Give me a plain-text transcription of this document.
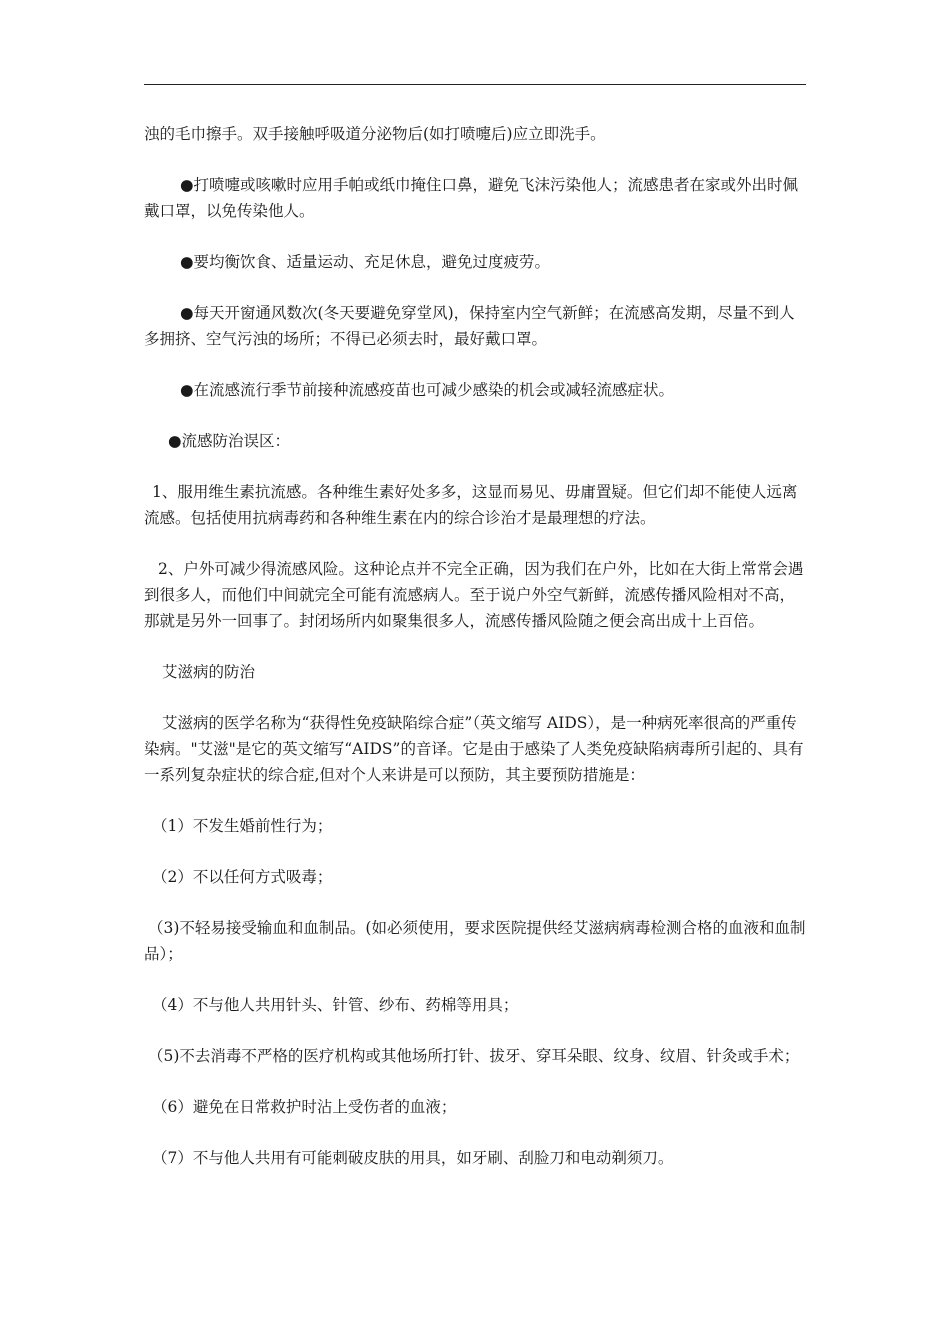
浊的毛巾擦手。双手接触呼吸道分泌物后(如打喷嚏后)应立即洗手。

●打喷嚏或咳嗽时应用手帕或纸巾掩住口鼻，避免飞沫污染他人；流感患者在家或外出时佩戴口罩，以免传染他人。

●要均衡饮食、适量运动、充足休息，避免过度疲劳。

●每天开窗通风数次(冬天要避免穿堂风)，保持室内空气新鲜；在流感高发期，尽量不到人多拥挤、空气污浊的场所；不得已必须去时，最好戴口罩。

●在流感流行季节前接种流感疫苗也可减少感染的机会或减轻流感症状。

●流感防治误区：

1、服用维生素抗流感。各种维生素好处多多，这显而易见、毋庸置疑。但它们却不能使人远离流感。包括使用抗病毒药和各种维生素在内的综合诊治才是最理想的疗法。

2、户外可减少得流感风险。这种论点并不完全正确，因为我们在户外，比如在大街上常常会遇到很多人，而他们中间就完全可能有流感病人。至于说户外空气新鲜，流感传播风险相对不高，那就是另外一回事了。封闭场所内如聚集很多人，流感传播风险随之便会高出成十上百倍。

艾滋病的防治

艾滋病的医学名称为“获得性免疫缺陷综合症”（英文缩写 AIDS），是一种病死率很高的严重传染病。"艾滋"是它的英文缩写“AIDS”的音译。它是由于感染了人类免疫缺陷病毒所引起的、具有一系列复杂症状的综合症,但对个人来讲是可以预防，其主要预防措施是：

（1）不发生婚前性行为；

（2）不以任何方式吸毒；

（3)不轻易接受输血和血制品。(如必须使用，要求医院提供经艾滋病病毒检测合格的血液和血制品）；

（4）不与他人共用针头、针管、纱布、药棉等用具；

（5)不去消毒不严格的医疗机构或其他场所打针、拔牙、穿耳朵眼、纹身、纹眉、针灸或手术；

（6）避免在日常救护时沾上受伤者的血液；

（7）不与他人共用有可能刺破皮肤的用具，如牙刷、刮脸刀和电动剃须刀。
